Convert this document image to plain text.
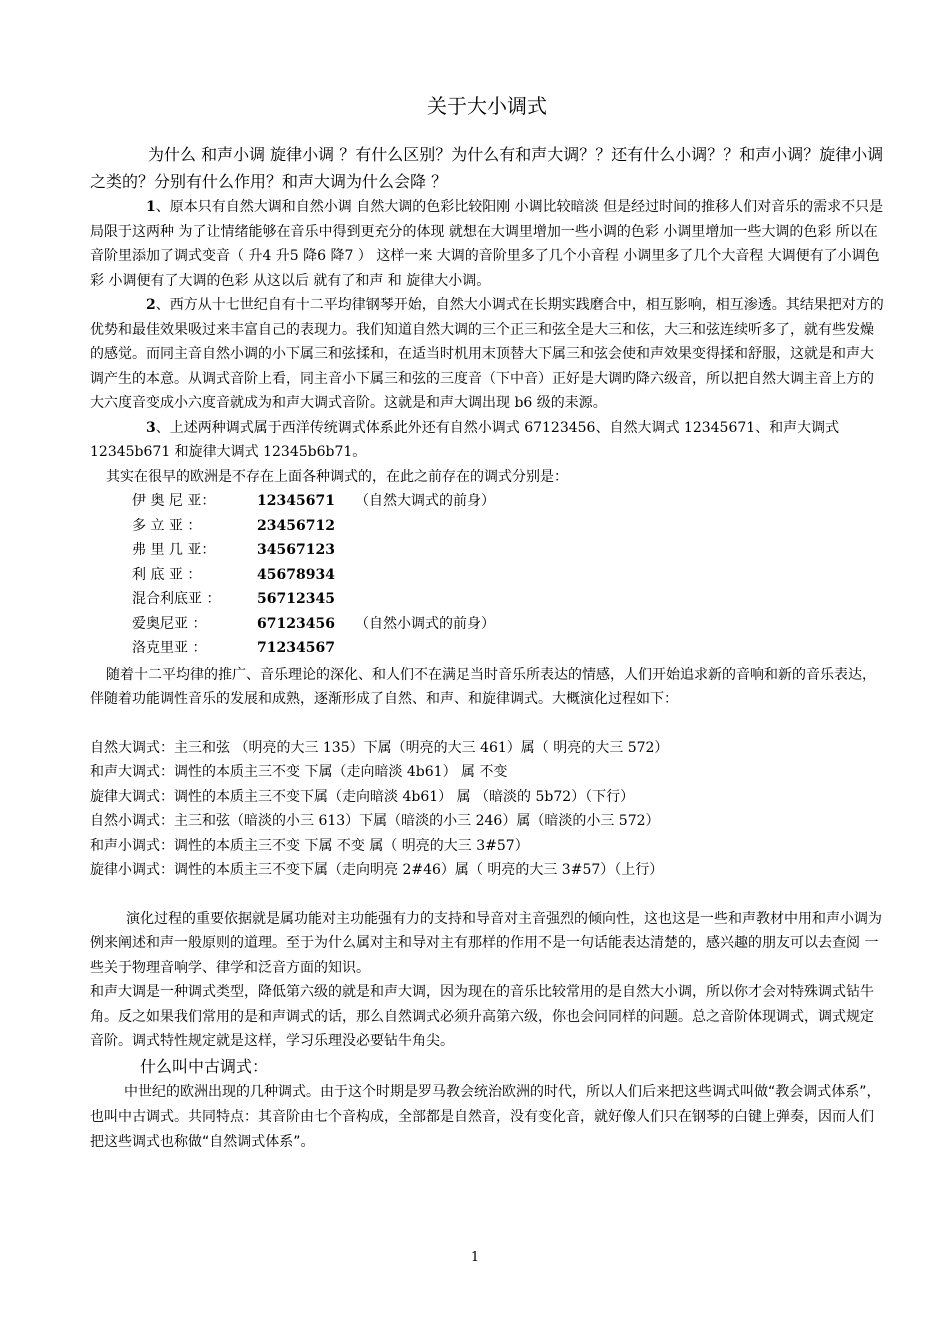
关于大小调式

为什么 和声小调 旋律小调 ？有什么区别？为什么有和声大调？？还有什么小调？？和声小调？旋律小调之类的？分别有什么作用？和声大调为什么会降 ？

1、原本只有自然大调和自然小调 自然大调的色彩比较阳刚 小调比较暗淡 但是经过时间的推移人们对音乐的需求不只是局限于这两种 为了让情绪能够在音乐中得到更充分的体现 就想在大调里增加一些小调的色彩 小调里增加一些大调的色彩 所以在音阶里添加了调式变音（ 升4 升5 降6 降7 ） 这样一来 大调的音阶里多了几个小音程 小调里多了几个大音程 大调便有了小调色彩 小调便有了大调的色彩 从这以后 就有了和声 和 旋律大小调。

2、西方从十七世纪自有十二平均律钢琴开始，自然大小调式在长期实践磨合中，相互影响，相互渗透。其结果把对方的优势和最佳效果吸过来丰富自己的表现力。我们知道自然大调的三个正三和弦全是大三和伭，大三和弦连续听多了，就有些发燥的感觉。而同主音自然小调的小下属三和弦揉和，在适当时机用末顶替大下属三和弦会使和声效果变得揉和舒服，这就是和声大调产生的本意。从调式音阶上看，同主音小下属三和弦的三度音（下中音）正好是大调旳降六级音，所以把自然大调主音上方的大六度音变成小六度音就成为和声大调式音阶。这就是和声大调出现 b6 级的耒源。

3、上述两种调式属于西洋传统调式体系此外还有自然小调式 67123456、自然大调式 12345671、和声大调式 12345b671 和旋律大调式 12345b6b71。

其实在很早的欧洲是不存在上面各种调式的，在此之前存在的调式分别是：

伊 奥 尼 亚：	12345671	（自然大调式的前身）
多 立 亚 ：	23456712
弗 里 几 亚：	34567123
利 底 亚 ：	45678934
混合利底亚 ：	56712345
爱奥尼亚 ：	67123456	（自然小调式的前身）
洛克里亚 ：	71234567

随着十二平均律的推广、音乐理论的深化、和人们不在满足当时音乐所表达的情感，人们开始追求新的音响和新的音乐表达，伴随着功能调性音乐的发展和成熟，逐渐形成了自然、和声、和旋律调式。大概演化过程如下：

自然大调式：主三和弦 （明亮的大三 135）下属（明亮的大三 461）属（ 明亮的大三 572）
和声大调式：调性的本质主三不变 下属（走向暗淡 4b61） 属 不变
旋律大调式：调性的本质主三不变下属（走向暗淡 4b61） 属 （暗淡的 5b72）（下行）
自然小调式：主三和弦（暗淡的小三 613）下属（暗淡的小三 246）属（暗淡的小三 572）
和声小调式：调性的本质主三不变 下属 不变 属（ 明亮的大三 3#57）
旋律小调式：调性的本质主三不变下属（走向明亮 2#46）属（ 明亮的大三 3#57）（上行）

演化过程的重要依据就是属功能对主功能强有力的支持和导音对主音强烈的倾向性，这也这是一些和声教材中用和声小调为例来阐述和声一般原则的道理。至于为什么属对主和导对主有那样的作用不是一句话能表达清楚的，感兴趣的朋友可以去查阅 一些关于物理音响学、律学和泛音方面的知识。

和声大调是一种调式类型，降低第六级的就是和声大调，因为现在的音乐比较常用的是自然大小调，所以你才会对特殊调式钻牛角。反之如果我们常用的是和声调式的话，那么自然调式必须升高第六级，你也会问同样的问题。总之音阶体现调式，调式规定音阶。调式特性规定就是这样，学习乐理没必要钻牛角尖。

什么叫中古调式：

中世纪的欧洲出现的几种调式。由于这个时期是罗马教会统治欧洲的时代，所以人们后来把这些调式叫做“教会调式体系”，也叫中古调式。共同特点：其音阶由七个音构成，全部都是自然音，没有变化音，就好像人们只在钢琴的白键上弹奏，因而人们把这些调式也称做“自然调式体系”。

1
